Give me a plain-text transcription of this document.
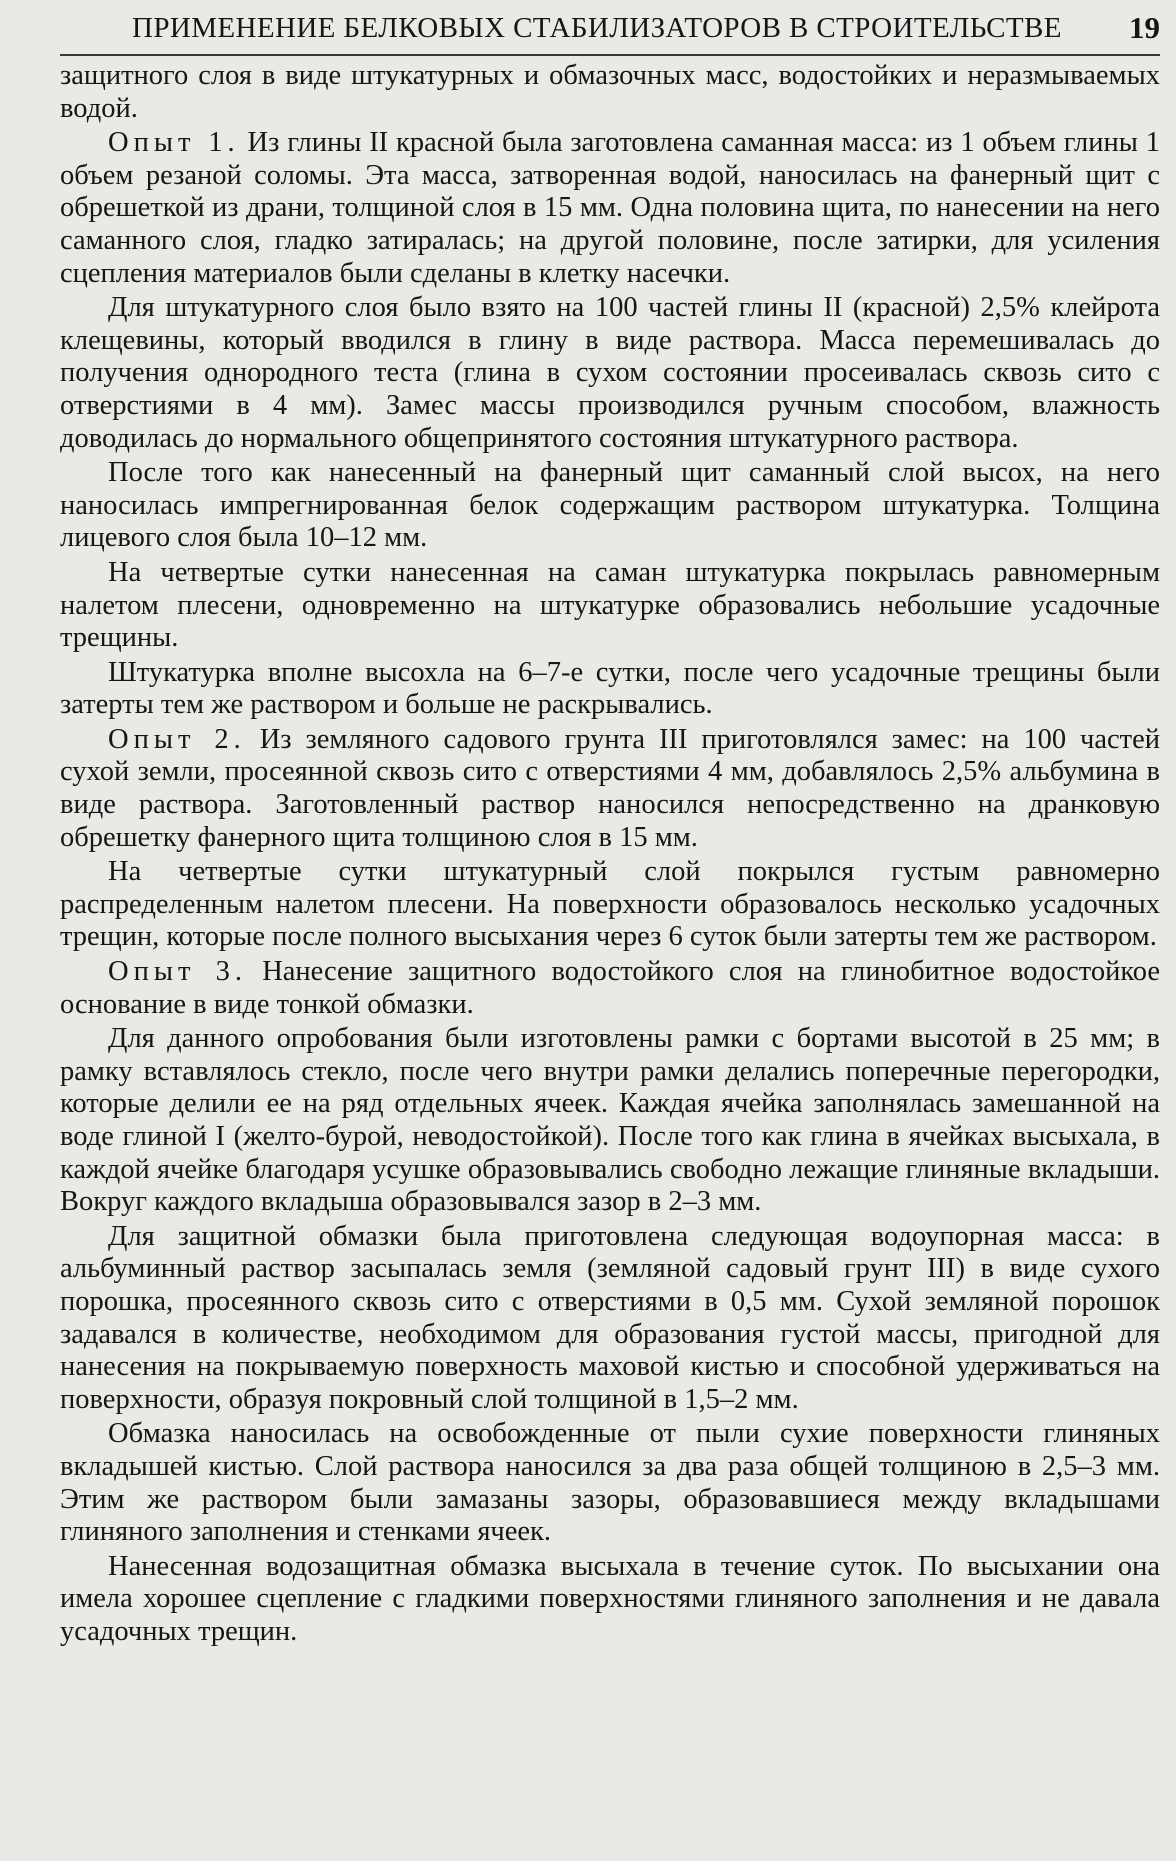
ПРИМЕНЕНИЕ БЕЛКОВЫХ СТАБИЛИЗАТОРОВ В СТРОИТЕЛЬСТВЕ 19

защитного слоя в виде штукатурных и обмазочных масс, водостойких и неразмываемых водой.

Опыт 1. Из глины II красной была заготовлена саманная масса: из 1 объем глины 1 объем резаной соломы. Эта масса, затворенная водой, наносилась на фанерный щит с обрешеткой из драни, толщиной слоя в 15 мм. Одна половина щита, по нанесении на него саманного слоя, гладко затиралась; на другой половине, после затирки, для усиления сцепления материалов были сделаны в клетку насечки.

Для штукатурного слоя было взято на 100 частей глины II (красной) 2,5% клейрота клещевины, который вводился в глину в виде раствора. Масса перемешивалась до получения однородного теста (глина в сухом состоянии просеивалась сквозь сито с отверстиями в 4 мм). Замес массы производился ручным способом, влажность доводилась до нормального общепринятого состояния штукатурного раствора.

После того как нанесенный на фанерный щит саманный слой высох, на него наносилась импрегнированная белок содержащим раствором штукатурка. Толщина лицевого слоя была 10–12 мм.

На четвертые сутки нанесенная на саман штукатурка покрылась равномерным налетом плесени, одновременно на штукатурке образовались небольшие усадочные трещины.

Штукатурка вполне высохла на 6–7-е сутки, после чего усадочные трещины были затерты тем же раствором и больше не раскрывались.

Опыт 2. Из земляного садового грунта III приготовлялся замес: на 100 частей сухой земли, просеянной сквозь сито с отверстиями 4 мм, добавлялось 2,5% альбумина в виде раствора. Заготовленный раствор наносился непосредственно на дранковую обрешетку фанерного щита толщиною слоя в 15 мм.

На четвертые сутки штукатурный слой покрылся густым равномерно распределенным налетом плесени. На поверхности образовалось несколько усадочных трещин, которые после полного высыхания через 6 суток были затерты тем же раствором.

Опыт 3. Нанесение защитного водостойкого слоя на глинобитное водостойкое основание в виде тонкой обмазки.

Для данного опробования были изготовлены рамки с бортами высотой в 25 мм; в рамку вставлялось стекло, после чего внутри рамки делались поперечные перегородки, которые делили ее на ряд отдельных ячеек. Каждая ячейка заполнялась замешанной на воде глиной I (желто-бурой, неводостойкой). После того как глина в ячейках высыхала, в каждой ячейке благодаря усушке образовывались свободно лежащие глиняные вкладыши. Вокруг каждого вкладыша образовывался зазор в 2–3 мм.

Для защитной обмазки была приготовлена следующая водоупорная масса: в альбуминный раствор засыпалась земля (земляной садовый грунт III) в виде сухого порошка, просеянного сквозь сито с отверстиями в 0,5 мм. Сухой земляной порошок задавался в количестве, необходимом для образования густой массы, пригодной для нанесения на покрываемую поверхность маховой кистью и способной удерживаться на поверхности, образуя покровный слой толщиной в 1,5–2 мм.

Обмазка наносилась на освобожденные от пыли сухие поверхности глиняных вкладышей кистью. Слой раствора наносился за два раза общей толщиною в 2,5–3 мм. Этим же раствором были замазаны зазоры, образовавшиеся между вкладышами глиняного заполнения и стенками ячеек.

Нанесенная водозащитная обмазка высыхала в течение суток. По высыхании она имела хорошее сцепление с гладкими поверхностями глиняного заполнения и не давала усадочных трещин.
